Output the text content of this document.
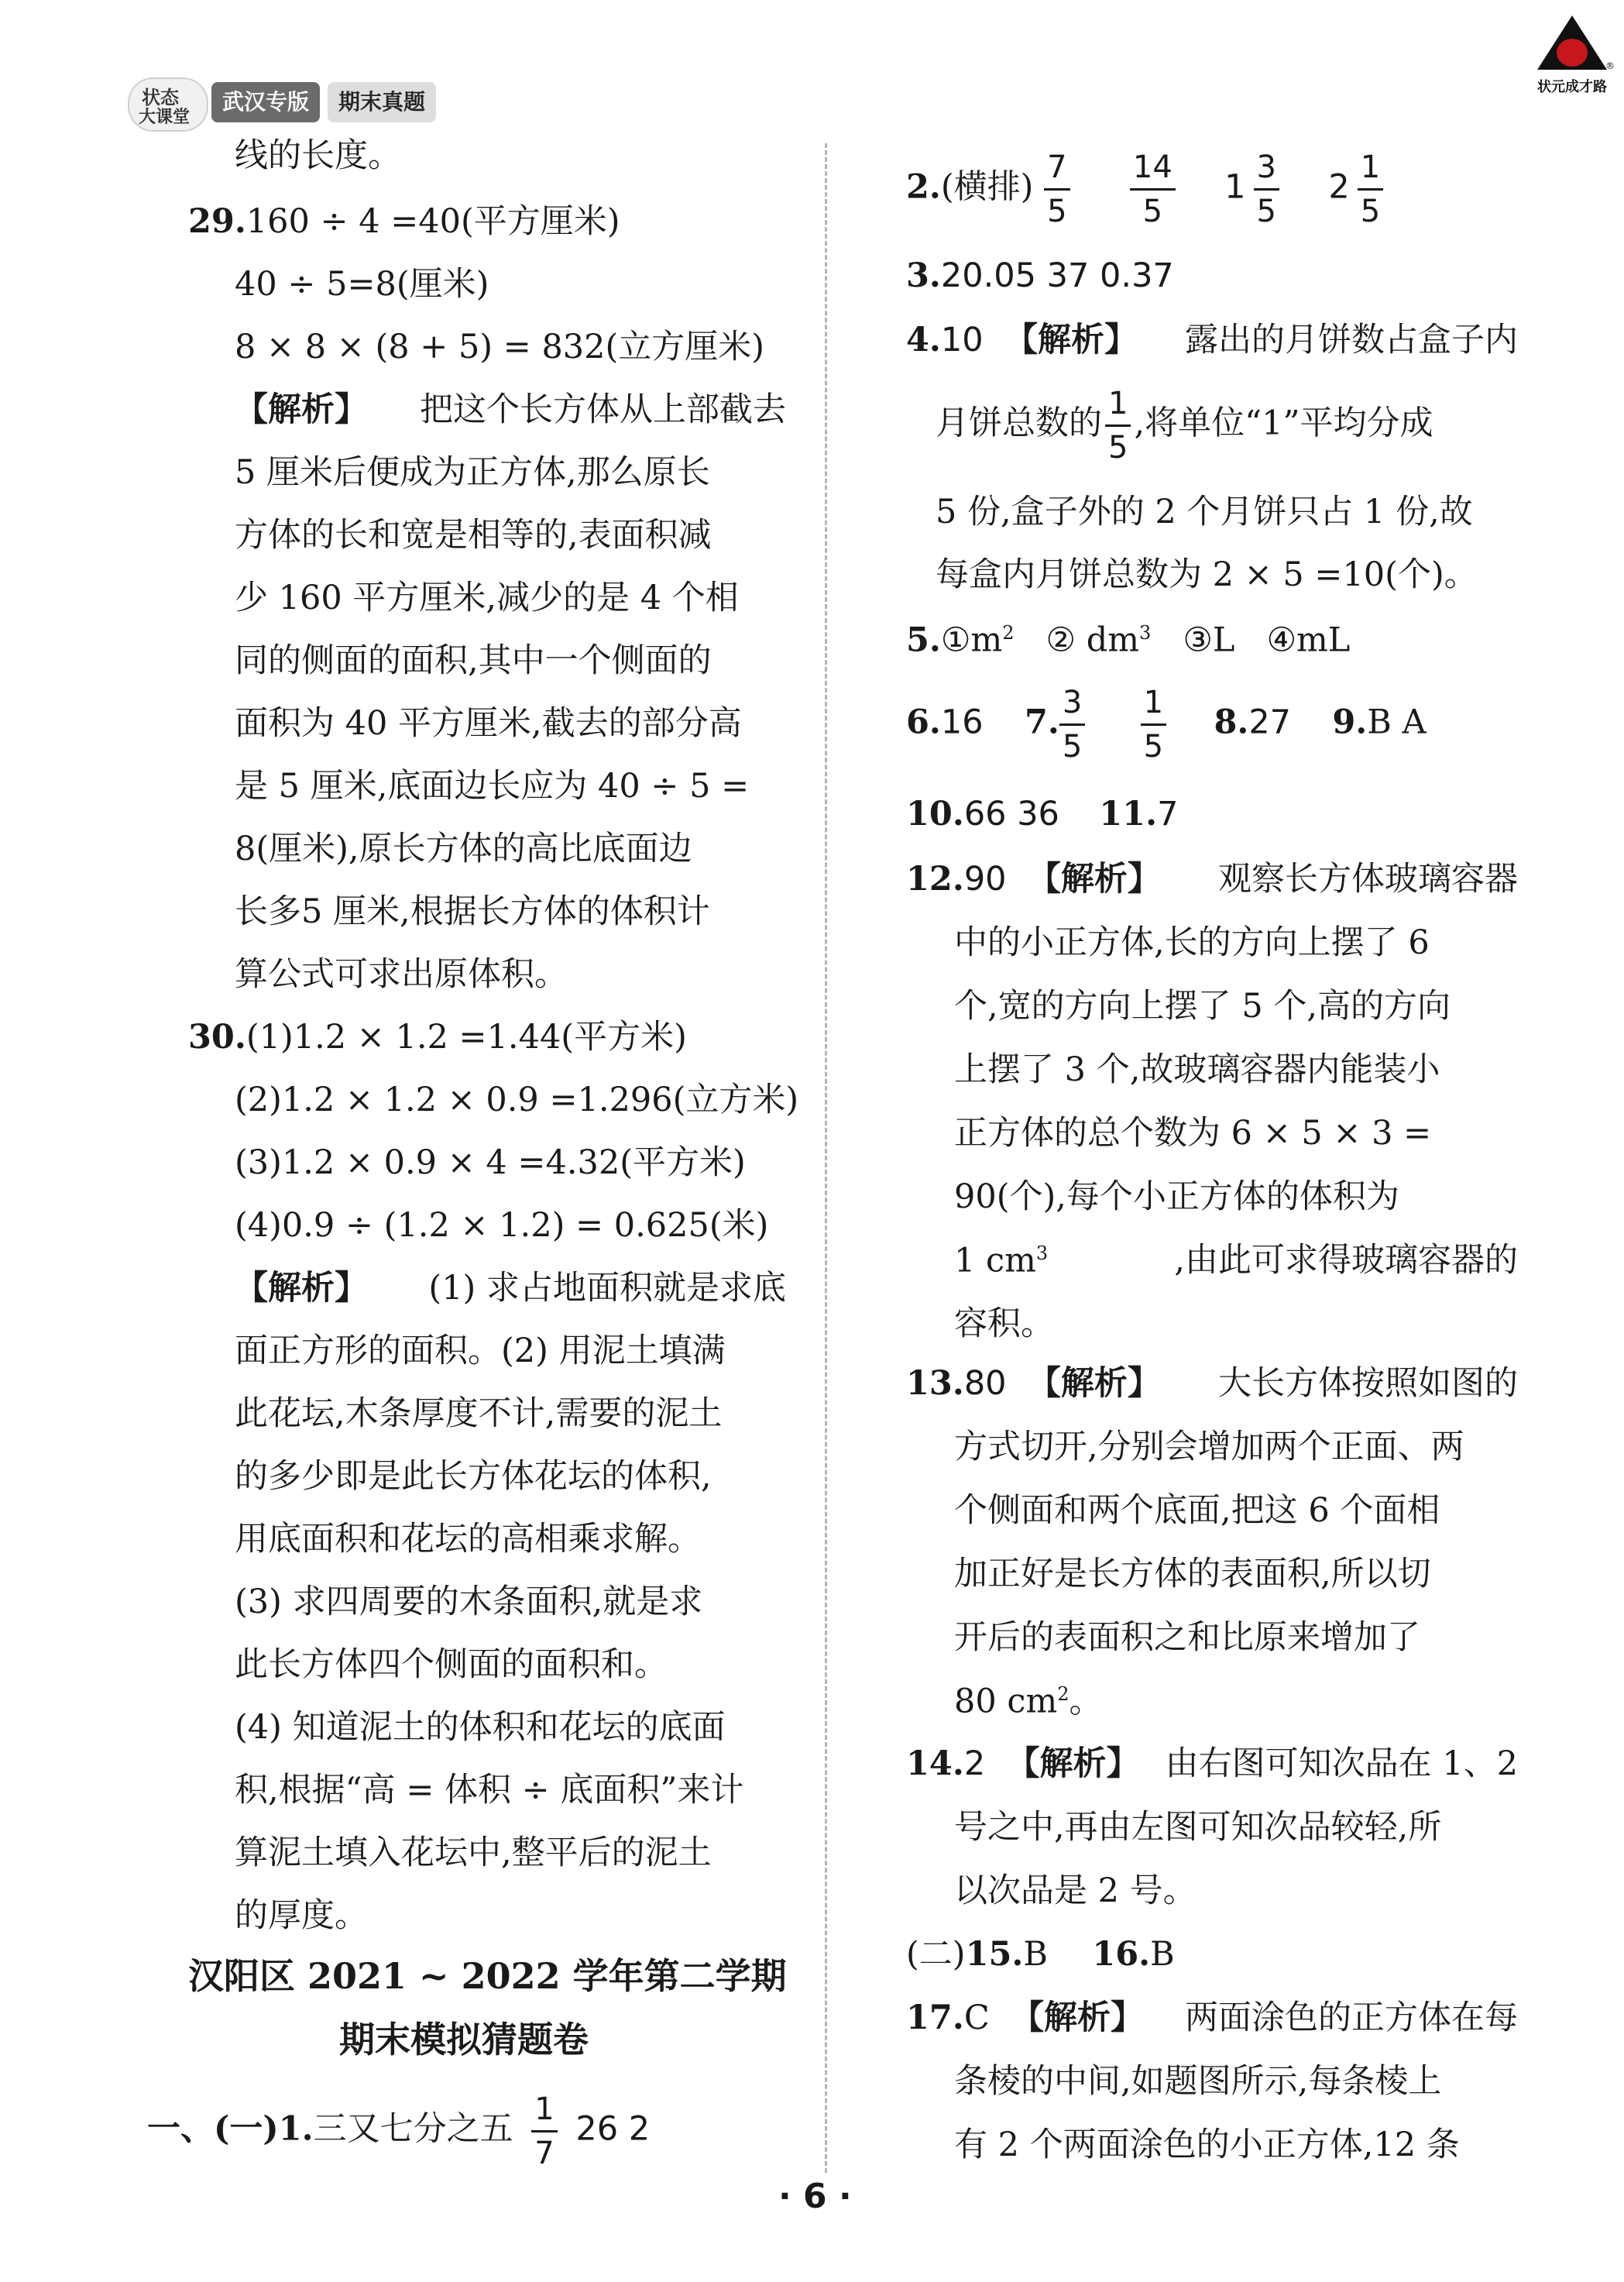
状态
大课堂
武汉专版	期末真题
®
状元成才路
线的长度。
29.160 ÷ 4 =40(平方厘米)
40 ÷ 5=8(厘米)
8 × 8 × (8 + 5) = 832(立方厘米)
【解析】 把这个长方体从上部截去
5 厘米后便成为正方体,那么原长
方体的长和宽是相等的,表面积减
少 160 平方厘米,减少的是 4 个相
同的侧面的面积,其中一个侧面的
面积为 40 平方厘米,截去的部分高
是 5 厘米,底面边长应为 40 ÷ 5 =
8(厘米),原长方体的高比底面边
长多5 厘米,根据长方体的体积计
算公式可求出原体积。
30.(1)1.2 × 1.2 =1.44(平方米)
(2)1.2 × 1.2 × 0.9 =1.296(立方米)
(3)1.2 × 0.9 × 4 =4.32(平方米)
(4)0.9 ÷ (1.2 × 1.2) = 0.625(米)
【解析】 (1) 求占地面积就是求底
面正方形的面积。(2) 用泥土填满
此花坛,木条厚度不计,需要的泥土
的多少即是此长方体花坛的体积,
用底面积和花坛的高相乘求解。
(3) 求四周要的木条面积,就是求
此长方体四个侧面的面积和。
(4) 知道泥土的体积和花坛的底面
积,根据“高 = 体积 ÷ 底面积”来计
算泥土填入花坛中,整平后的泥土
的厚度。
汉阳区 2021 ~ 2022 学年第二学期
期末模拟猜题卷
一、(一)1.三又七分之五 $\frac{1}{7} 26$ 2
2.(横排) $\frac{7}{5}$
$\frac{14}{5} 1 \frac{3}{5} 2 \frac{1}{5}$
3.20.05 37 0.37
4.10 【解析】 露出的月饼数占盒子内
月饼总数的 $\frac{1}{5}$ ,将单位“1”平均分成
5 份,盒子外的 2 个月饼只占 1 份,故
每盒内月饼总数为 2 × 5 =10(个)。
$5.①m^2$ ② $dm^3$ ③L ④mL
6.16 7. $\frac{3}{5}$
$\frac{1}{5} 8.27$ 9.B A
10.66 36 11.7
12.90 【解析】 观察长方体玻璃容器
中的小正方体,长的方向上摆了 6
个,宽的方向上摆了 5 个,高的方向
上摆了 3 个,故玻璃容器内能装小
正方体的总个数为 6 × 5 × 3 =
90(个),每个小正方体的体积为
1 $cm^3$	,由此可求得玻璃容器的
容积。
13.80 【解析】 大长方体按照如图的
方式切开,分别会增加两个正面、两
个侧面和两个底面,把这 6 个面相
加正好是长方体的表面积,所以切
开后的表面积之和比原来增加了
80 $cm^2$。
14.2 【解析】 由右图可知次品在 1、2
号之中,再由左图可知次品较轻,所
以次品是 2 号。
(二)15.B 16.B
17.C 【解析】 两面涂色的正方体在每
条棱的中间,如题图所示,每条棱上
有 2 个两面涂色的小正方体,12 条
· 6 ·
